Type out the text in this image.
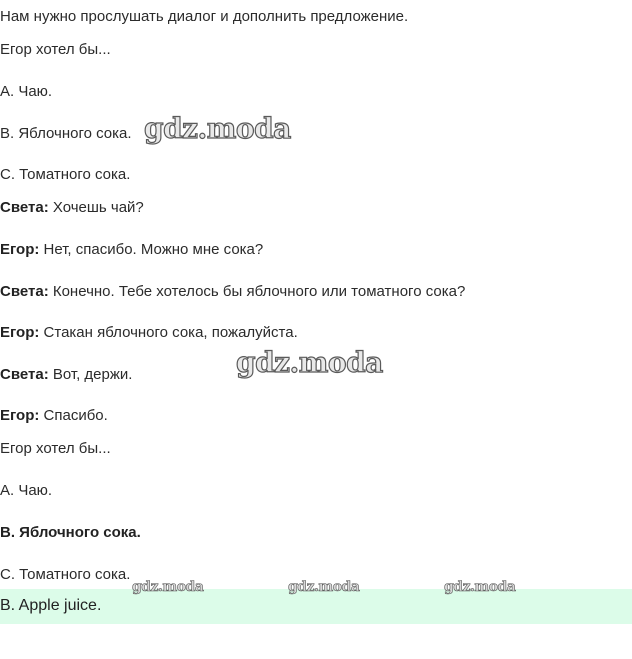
Нам нужно прослушать диалог и дополнить предложение.
Егор хотел бы...
A. Чаю.
B. Яблочного сока. gdz.moda
C. Томатного сока.
Света: Хочешь чай?
Егор: Нет, спасибо. Можно мне сока?
Света: Конечно. Тебе хотелось бы яблочного или томатного сока?
Егор: Стакан яблочного сока, пожалуйста.
gdz.moda
Света: Вот, держи.
Егор: Спасибо.
Егор хотел бы...
A. Чаю.
B. Яблочного сока.
C. Томатного сока.
B. Apple juice.
gdz.moda	gdz.moda	gdz.moda
